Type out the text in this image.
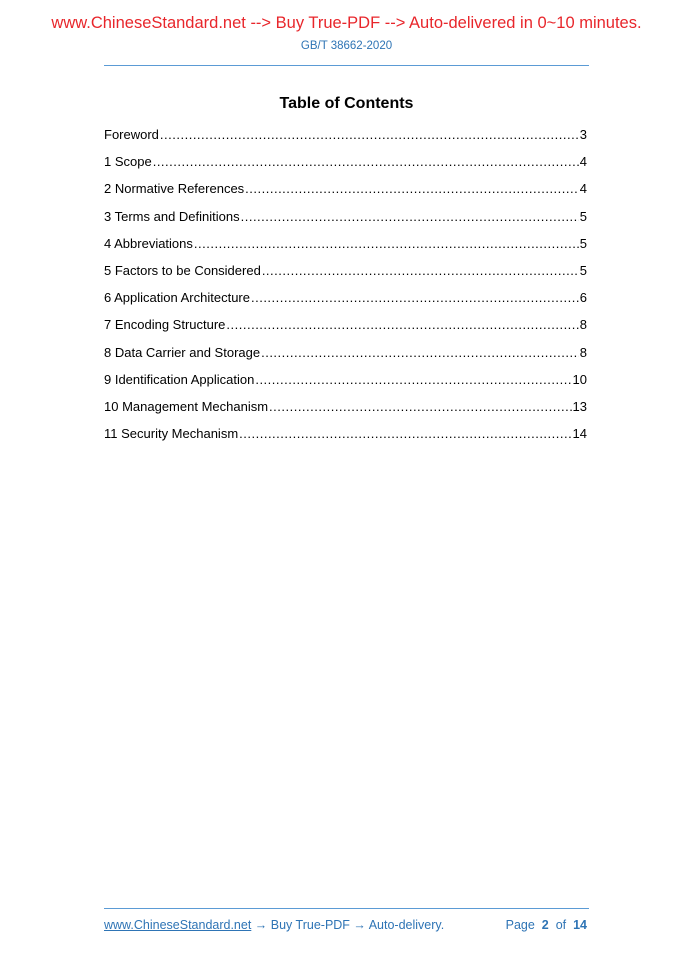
www.ChineseStandard.net --> Buy True-PDF --> Auto-delivered in 0~10 minutes.
GB/T 38662-2020
Table of Contents
Foreword .....	3
1 Scope .....	4
2 Normative References .....	4
3 Terms and Definitions .....	5
4 Abbreviations .....	5
5 Factors to be Considered .....	5
6 Application Architecture .....	6
7 Encoding Structure .....	8
8 Data Carrier and Storage .....	8
9 Identification Application .....	10
10 Management Mechanism .....	13
11 Security Mechanism .....	14
www.ChineseStandard.net → Buy True-PDF → Auto-delivery.	Page 2 of 14
